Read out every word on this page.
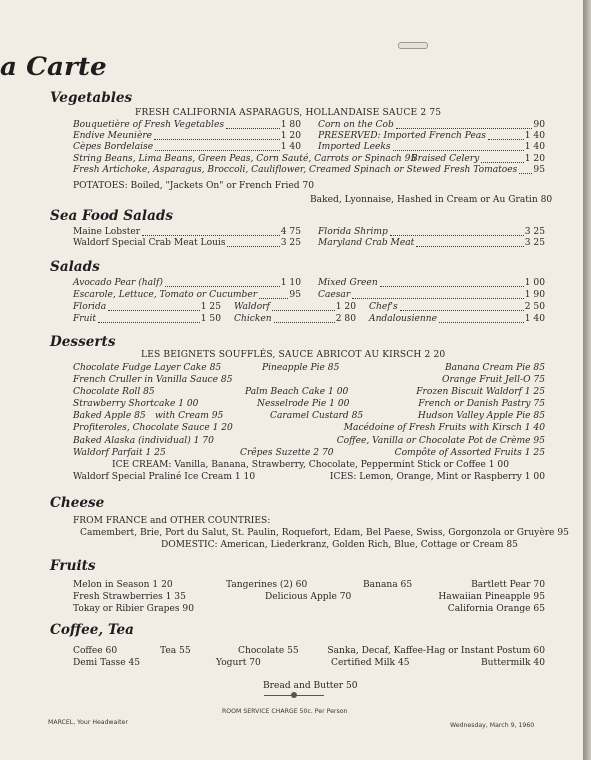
a Carte
Vegetables
FRESH CALIFORNIA ASPARAGUS, HOLLANDAISE SAUCE 2 75
Bouquetière of Fresh Vegetables	1 80
Endive Meunière	1 20
Cèpes Bordelaise	1 40
Corn on the Cob	90
PRESERVED: Imported French Peas	1 40
Imported Leeks	1 40
String Beans, Lima Beans, Green Peas, Corn Sauté, Carrots or Spinach 95
Braised Celery	1 20
Fresh Artichoke, Asparagus, Broccoli, Cauliflower, Creamed Spinach or Stewed Fresh Tomatoes 95
POTATOES: Boiled, "Jackets On" or French Fried 70
Baked, Lyonnaise, Hashed in Cream or Au Gratin 80
Sea Food Salads
Maine Lobster	4 75
Waldorf Special Crab Meat Louis	3 25
Florida Shrimp	3 25
Maryland Crab Meat	3 25
Salads
Avocado Pear (half)	1 10 Mixed Green	1 00
Escarole, Lettuce, Tomato or Cucumber	95 Caesar	1 90
Florida	1 25 Waldorf	1 20 Chef's	2 50
Fruit	1 50 Chicken	2 80 Andalousienne	1 40
Desserts
LES BEIGNETS SOUFFLÉS, SAUCE ABRICOT AU KIRSCH 2 20
Chocolate Fudge Layer Cake 85	Pineapple Pie 85	Banana Cream Pie 85
French Cruller in Vanilla Sauce 85	Orange Fruit Jell-O 75
Chocolate Roll 85	Palm Beach Cake 1 00	Frozen Biscuit Waldorf 1 25
Strawberry Shortcake 1 00	Nesselrode Pie 1 00	French or Danish Pastry 75
Baked Apple 85 with Cream 95	Caramel Custard 85	Hudson Valley Apple Pie 85
Profiteroles, Chocolate Sauce 1 20	Macédoine of Fresh Fruits with Kirsch 1 40
Baked Alaska (individual) 1 70	Coffee, Vanilla or Chocolate Pot de Crème 95
Waldorf Parfait 1 25	Crêpes Suzette 2 70	Compôte of Assorted Fruits 1 25
ICE CREAM: Vanilla, Banana, Strawberry, Chocolate, Peppermint Stick or Coffee 1 00
Waldorf Special Praliné Ice Cream 1 10	ICES: Lemon, Orange, Mint or Raspberry 1 00
Cheese
FROM FRANCE and OTHER COUNTRIES:
Camembert, Brie, Port du Salut, St. Paulin, Roquefort, Edam, Bel Paese, Swiss, Gorgonzola or Gruyère 95
DOMESTIC: American, Liederkranz, Golden Rich, Blue, Cottage or Cream 85
Fruits
Melon in Season 1 20	Tangerines (2) 60	Banana 65	Bartlett Pear 70
Fresh Strawberries 1 35	Delicious Apple 70	Hawaiian Pineapple 95
Tokay or Ribier Grapes 90	California Orange 65
Coffee, Tea
Coffee 60	Tea 55	Chocolate 55	Sanka, Decaf, Kaffee-Hag or Instant Postum 60
Demi Tasse 45	Yogurt 70	Certified Milk 45	Buttermilk 40
Bread and Butter 50
ROOM SERVICE CHARGE 50c. Per Person
MARCEL, Your Headwaiter	Wednesday, March 9, 1960
